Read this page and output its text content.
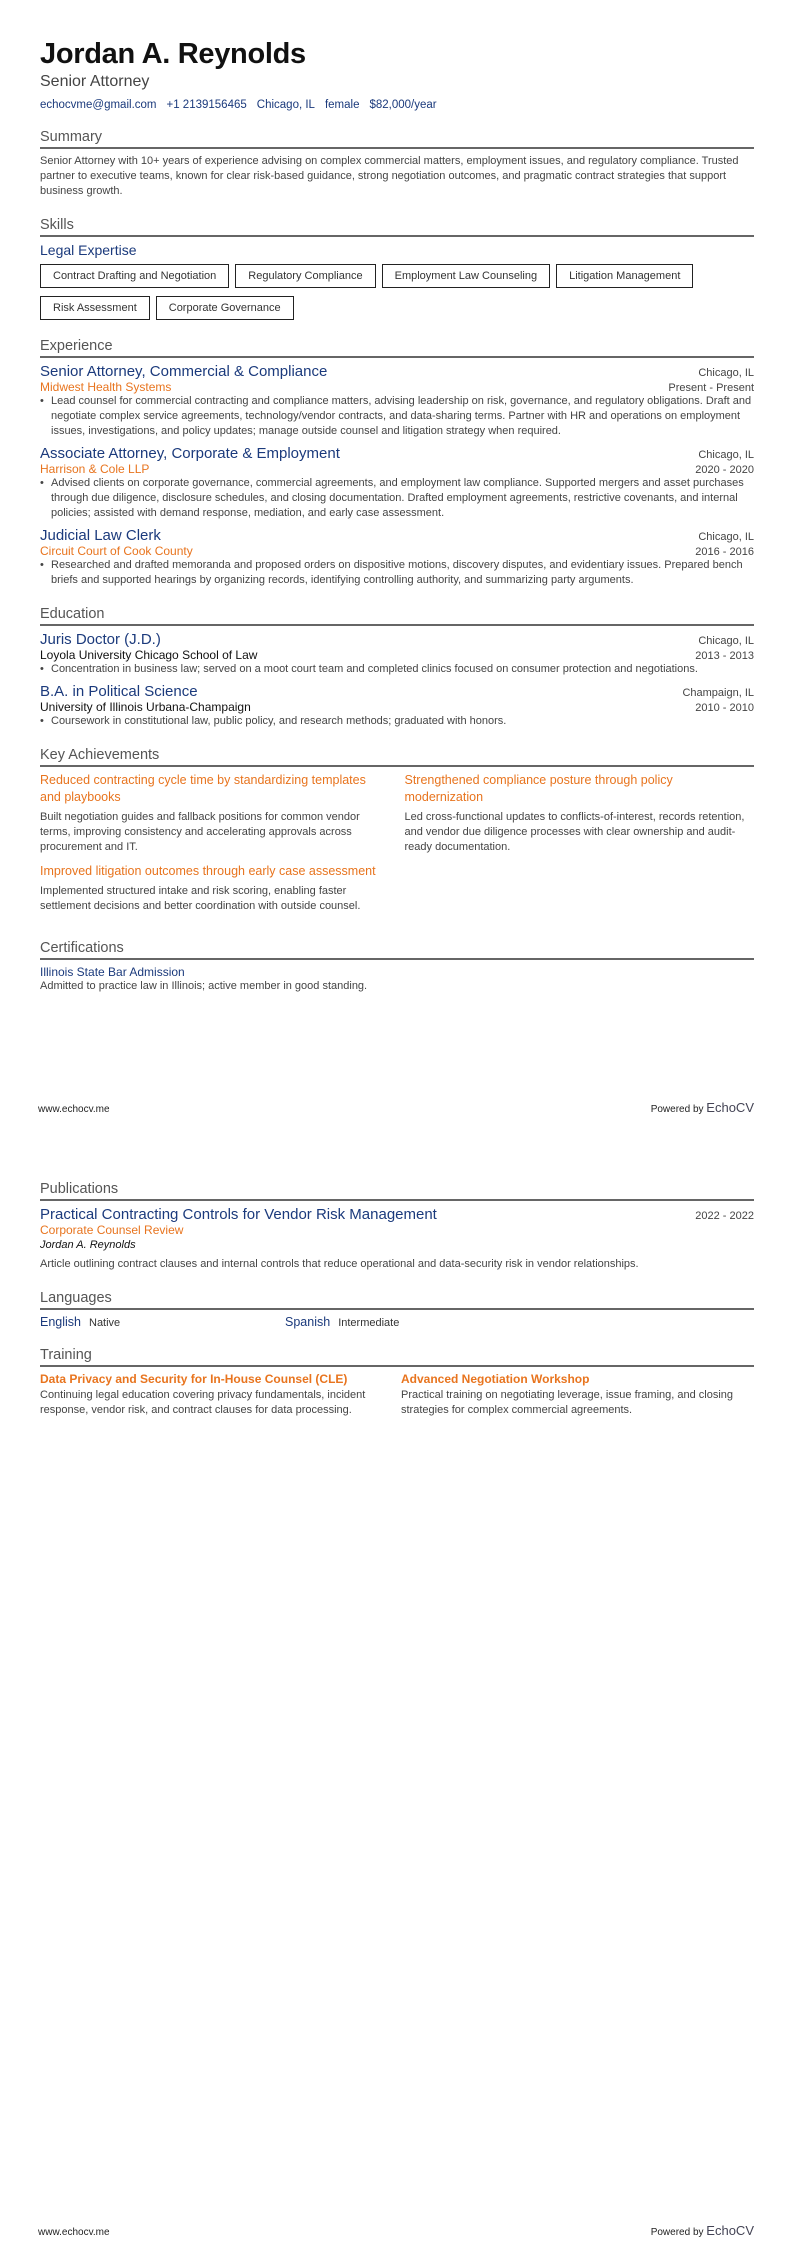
Jordan A. Reynolds
Senior Attorney
echocvme@gmail.com +1 2139156465 Chicago, IL female $82,000/year
Summary
Senior Attorney with 10+ years of experience advising on complex commercial matters, employment issues, and regulatory compliance. Trusted partner to executive teams, known for clear risk-based guidance, strong negotiation outcomes, and pragmatic contract strategies that support business growth.
Skills
Legal Expertise
Contract Drafting and Negotiation	Regulatory Compliance	Employment Law Counseling	Litigation Management
Risk Assessment	Corporate Governance
Experience
Senior Attorney, Commercial & Compliance	Chicago, IL
Midwest Health Systems	Present - Present
• Lead counsel for commercial contracting and compliance matters, advising leadership on risk, governance, and regulatory obligations. Draft and negotiate complex service agreements, technology/vendor contracts, and data-sharing terms. Partner with HR and operations on employment issues, investigations, and policy updates; manage outside counsel and litigation strategy when required.
Associate Attorney, Corporate & Employment	Chicago, IL
Harrison & Cole LLP	2020 - 2020
• Advised clients on corporate governance, commercial agreements, and employment law compliance. Supported mergers and asset purchases through due diligence, disclosure schedules, and closing documentation. Drafted employment agreements, restrictive covenants, and internal policies; assisted with demand response, mediation, and early case assessment.
Judicial Law Clerk	Chicago, IL
Circuit Court of Cook County	2016 - 2016
• Researched and drafted memoranda and proposed orders on dispositive motions, discovery disputes, and evidentiary issues. Prepared bench briefs and supported hearings by organizing records, identifying controlling authority, and summarizing party arguments.
Education
Juris Doctor (J.D.)	Chicago, IL
Loyola University Chicago School of Law	2013 - 2013
• Concentration in business law; served on a moot court team and completed clinics focused on consumer protection and negotiations.
B.A. in Political Science	Champaign, IL
University of Illinois Urbana-Champaign	2010 - 2010
• Coursework in constitutional law, public policy, and research methods; graduated with honors.
Key Achievements
Reduced contracting cycle time by standardizing templates and playbooks
Built negotiation guides and fallback positions for common vendor terms, improving consistency and accelerating approvals across procurement and IT.
Strengthened compliance posture through policy modernization
Led cross-functional updates to conflicts-of-interest, records retention, and vendor due diligence processes with clear ownership and audit-ready documentation.
Improved litigation outcomes through early case assessment
Implemented structured intake and risk scoring, enabling faster settlement decisions and better coordination with outside counsel.
Certifications
Illinois State Bar Admission
Admitted to practice law in Illinois; active member in good standing.
www.echocv.me	Powered by EchoCV
Publications
Practical Contracting Controls for Vendor Risk Management	2022 - 2022
Corporate Counsel Review
Jordan A. Reynolds
Article outlining contract clauses and internal controls that reduce operational and data-security risk in vendor relationships.
Languages
English Native	Spanish Intermediate
Training
Data Privacy and Security for In-House Counsel (CLE)
Continuing legal education covering privacy fundamentals, incident response, vendor risk, and contract clauses for data processing.
Advanced Negotiation Workshop
Practical training on negotiating leverage, issue framing, and closing strategies for complex commercial agreements.
www.echocv.me	Powered by EchoCV
